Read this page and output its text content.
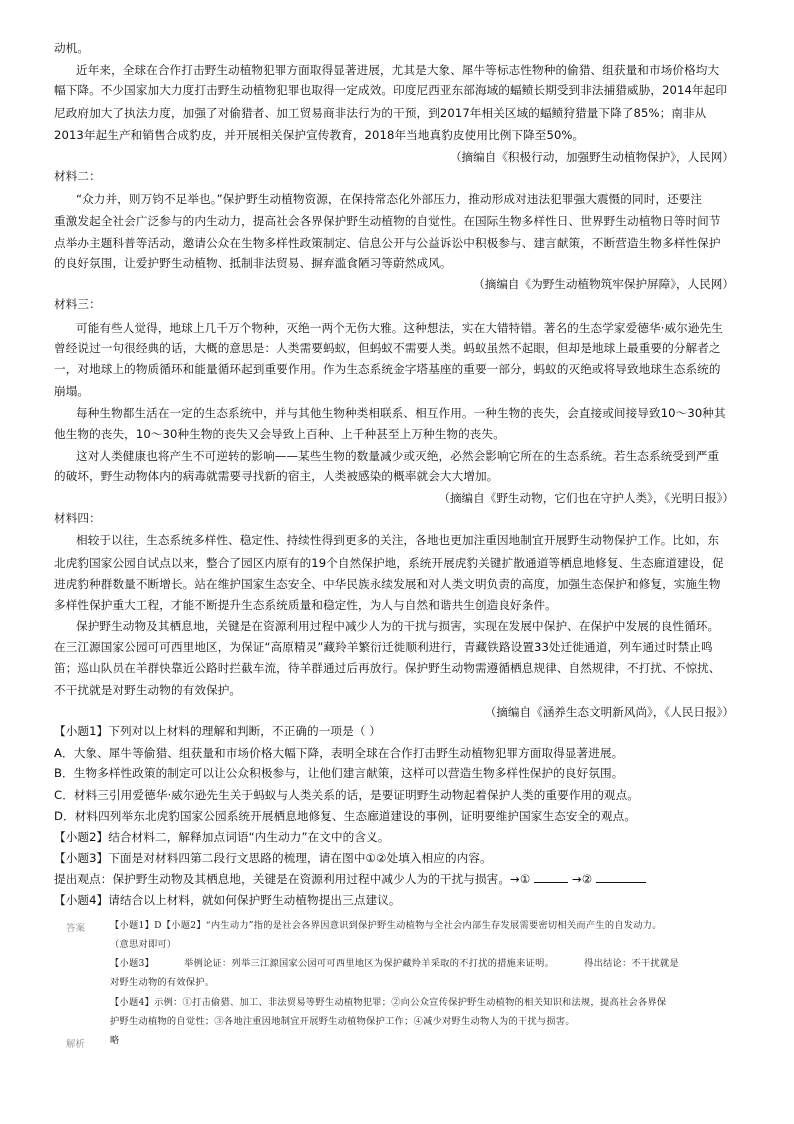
动机。
近年来，全球在合作打击野生动植物犯罪方面取得显著进展，尤其是大象、犀牛等标志性物种的偷猎、组获量和市场价格均大
幅下降。不少国家加大力度打击野生动植物犯罪也取得一定成效。印度尼西亚东部海域的蝠鲼长期受到非法捕猎威胁，2014年起印
尼政府加大了执法力度，加强了对偷猎者、加工贸易商非法行为的干预，到2017年相关区域的蝠鲼狩猎量下降了85%；南非从
2013年起生产和销售合成豹皮，并开展相关保护宣传教育，2018年当地真豹皮使用比例下降至50%。
（摘编自《积极行动，加强野生动植物保护》，人民网）
材料二：
“众力并，则万钧不足举也。”保护野生动植物资源，在保持常态化外部压力，推动形成对违法犯罪强大震慑的同时，还要注
重激发起全社会广泛参与的内生动力，提高社会各界保护野生动植物的自觉性。在国际生物多样性日、世界野生动植物日等时间节
点举办主题科普等活动，邀请公众在生物多样性政策制定、信息公开与公益诉讼中积极参与、建言献策，不断营造生物多样性保护
的良好氛围，让爱护野生动植物、抵制非法贸易、摒弃滥食陋习等蔚然成风。
（摘编自《为野生动植物筑牢保护屏障》，人民网）
材料三：
可能有些人觉得，地球上几千万个物种，灭绝一两个无伤大雅。这种想法，实在大错特错。著名的生态学家爱德华·威尔逊先生
曾经说过一句很经典的话，大概的意思是：人类需要蚂蚁，但蚂蚁不需要人类。蚂蚁虽然不起眼，但却是地球上最重要的分解者之
一，对地球上的物质循环和能量循环起到重要作用。作为生态系统金字塔基座的重要一部分，蚂蚁的灭绝或将导致地球生态系统的
崩塌。
每种生物都生活在一定的生态系统中，并与其他生物种类相联系、相互作用。一种生物的丧失，会直接或间接导致10～30种其
他生物的丧失，10～30种生物的丧失又会导致上百种、上千种甚至上万种生物的丧失。
这对人类健康也将产生不可逆转的影响——某些生物的数量减少或灭绝，必然会影响它所在的生态系统。若生态系统受到严重
的破坏，野生动物体内的病毒就需要寻找新的宿主，人类被感染的概率就会大大增加。
（摘编自《野生动物，它们也在守护人类》，《光明日报》）
材料四：
相较于以往，生态系统多样性、稳定性、持续性得到更多的关注，各地也更加注重因地制宜开展野生动物保护工作。比如，东
北虎豹国家公园自试点以来，整合了园区内原有的19个自然保护地，系统开展虎豹关键扩散通道等栖息地修复、生态廊道建设，促
进虎豹种群数量不断增长。站在维护国家生态安全、中华民族永续发展和对人类文明负责的高度，加强生态保护和修复，实施生物
多样性保护重大工程，才能不断提升生态系统质量和稳定性，为人与自然和谐共生创造良好条件。
保护野生动物及其栖息地，关键是在资源利用过程中减少人为的干扰与损害，实现在发展中保护、在保护中发展的良性循环。
在三江源国家公园可可西里地区，为保证“高原精灵”藏羚羊繁衍迁徙顺利进行，青藏铁路设置33处迁徙通道，列车通过时禁止鸣
笛；巡山队员在羊群快靠近公路时拦截车流，待羊群通过后再放行。保护野生动物需遵循栖息规律、自然规律，不打扰、不惊扰、
不干扰就是对野生动物的有效保护。
（摘编自《涵养生态文明新风尚》，《人民日报》）
【小题1】下列对以上材料的理解和判断，不正确的一项是（ ）
A．大象、犀牛等偷猎、组获量和市场价格大幅下降，表明全球在合作打击野生动植物犯罪方面取得显著进展。
B．生物多样性政策的制定可以让公众积极参与，让他们建言献策，这样可以营造生物多样性保护的良好氛围。
C．材料三引用爱德华·威尔逊先生关于蚂蚁与人类关系的话，是要证明野生动物起着保护人类的重要作用的观点。
D．材料四列举东北虎豹国家公园系统开展栖息地修复、生态廊道建设的事例，证明要维护国家生态安全的观点。
【小题2】结合材料二，解释加点词语“内生动力”在文中的含义。
【小题3】下面是对材料四第二段行文思路的梳理，请在图中①②处填入相应的内容。
提出观点：保护野生动物及其栖息地，关键是在资源利用过程中减少人为的干扰与损害。→①	→②
【小题4】请结合以上材料，就如何保护野生动植物提出三点建议。
答案	【小题1】D【小题2】“内生动力”指的是社会各界因意识到保护野生动植物与全社会内部生存发展需要密切相关而产生的自发动力。
（意思对即可）
【小题3】	举例论证：列举三江源国家公园可可西里地区为保护藏羚羊采取的不打扰的措施来证明。	得出结论：不干扰就是
对野生动物的有效保护。
【小题4】示例：①打击偷猎、加工、非法贸易等野生动植物犯罪；②向公众宣传保护野生动植物的相关知识和法规，提高社会各界保
护野生动植物的自觉性；③各地注重因地制宜开展野生动植物保护工作；④减少对野生动物人为的干扰与损害。
解析	略
